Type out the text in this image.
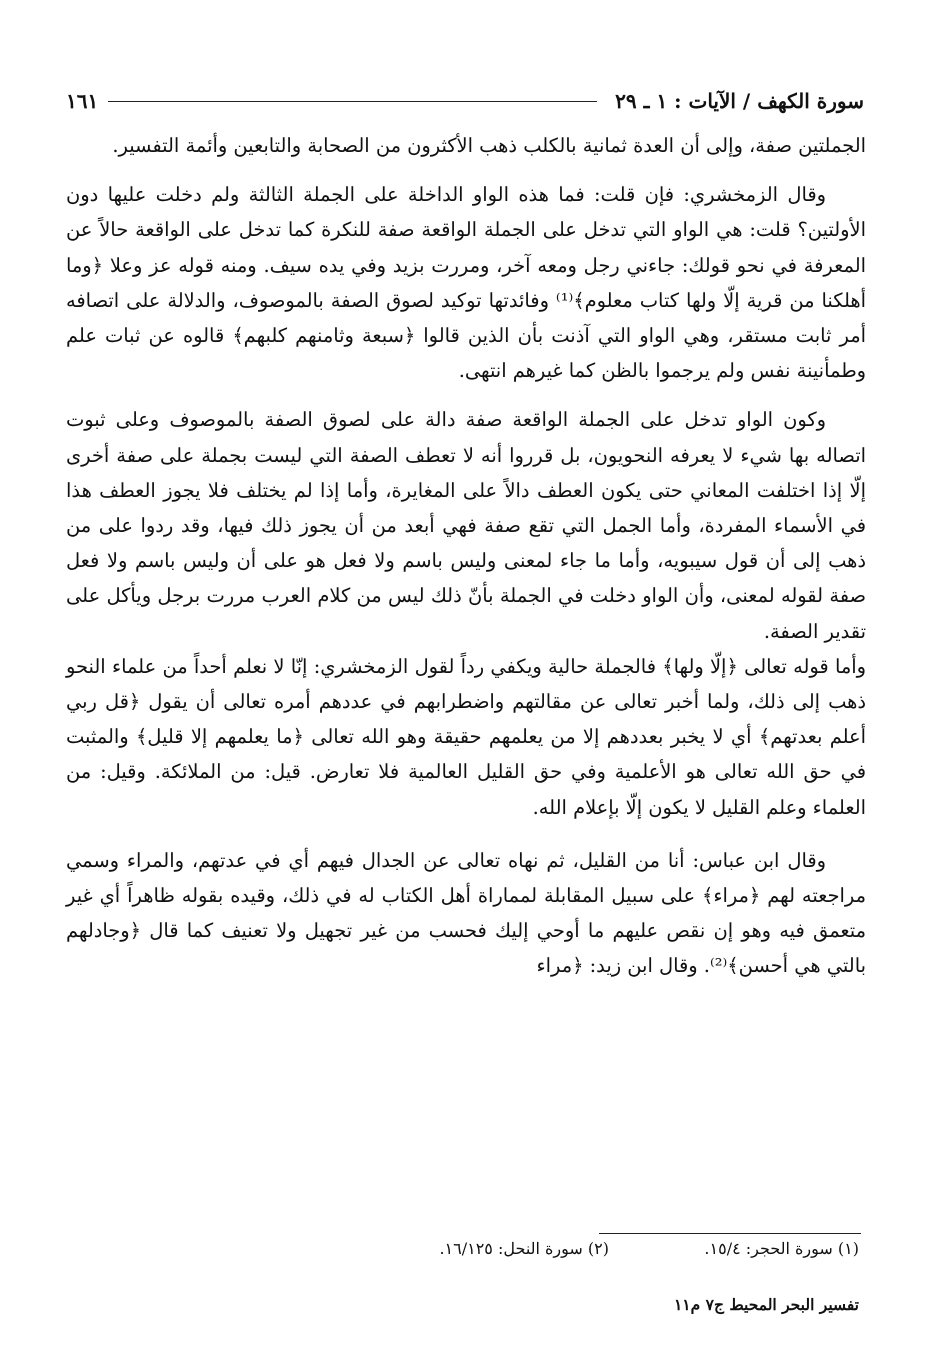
سورة الكهف / الآيات : ١ ـ ٢٩
١٦١

الجملتين صفة، وإلى أن العدة ثمانية بالكلب ذهب الأكثرون من الصحابة والتابعين وأئمة التفسير.

وقال الزمخشري: فإن قلت: فما هذه الواو الداخلة على الجملة الثالثة ولم دخلت عليها دون الأولتين؟ قلت: هي الواو التي تدخل على الجملة الواقعة صفة للنكرة كما تدخل على الواقعة حالاً عن المعرفة في نحو قولك: جاءني رجل ومعه آخر، ومررت بزيد وفي يده سيف. ومنه قوله عز وعلا ﴿وما أهلكنا من قرية إلّا ولها كتاب معلوم﴾⁽¹⁾ وفائدتها توكيد لصوق الصفة بالموصوف، والدلالة على اتصافه أمر ثابت مستقر، وهي الواو التي آذنت بأن الذين قالوا ﴿سبعة وثامنهم كلبهم﴾ قالوه عن ثبات علم وطمأنينة نفس ولم يرجموا بالظن كما غيرهم انتهى.

وكون الواو تدخل على الجملة الواقعة صفة دالة على لصوق الصفة بالموصوف وعلى ثبوت اتصاله بها شيء لا يعرفه النحويون، بل قرروا أنه لا تعطف الصفة التي ليست بجملة على صفة أخرى إلّا إذا اختلفت المعاني حتى يكون العطف دالاً على المغايرة، وأما إذا لم يختلف فلا يجوز العطف هذا في الأسماء المفردة، وأما الجمل التي تقع صفة فهي أبعد من أن يجوز ذلك فيها، وقد ردوا على من ذهب إلى أن قول سيبويه، وأما ما جاء لمعنى وليس باسم ولا فعل هو على أن وليس باسم ولا فعل صفة لقوله لمعنى، وأن الواو دخلت في الجملة بأنّ ذلك ليس من كلام العرب مررت برجل ويأكل على تقدير الصفة.

وأما قوله تعالى ﴿إلّا ولها﴾ فالجملة حالية ويكفي رداً لقول الزمخشري: إنّا لا نعلم أحداً من علماء النحو ذهب إلى ذلك، ولما أخبر تعالى عن مقالتهم واضطرابهم في عددهم أمره تعالى أن يقول ﴿قل ربي أعلم بعدتهم﴾ أي لا يخبر بعددهم إلا من يعلمهم حقيقة وهو الله تعالى ﴿ما يعلمهم إلا قليل﴾ والمثبت في حق الله تعالى هو الأعلمية وفي حق القليل العالمية فلا تعارض. قيل: من الملائكة. وقيل: من العلماء وعلم القليل لا يكون إلّا بإعلام الله.

وقال ابن عباس: أنا من القليل، ثم نهاه تعالى عن الجدال فيهم أي في عدتهم، والمراء وسمي مراجعته لهم ﴿مراء﴾ على سبيل المقابلة لمماراة أهل الكتاب له في ذلك، وقيده بقوله ظاهراً أي غير متعمق فيه وهو إن نقص عليهم ما أوحي إليك فحسب من غير تجهيل ولا تعنيف كما قال ﴿وجادلهم بالتي هي أحسن﴾⁽²⁾. وقال ابن زيد: ﴿مراء

(١) سورة الحجر: ١٥/٤.
(٢) سورة النحل: ١٦/١٢٥.
تفسير البحر المحيط ج٧ م١١
